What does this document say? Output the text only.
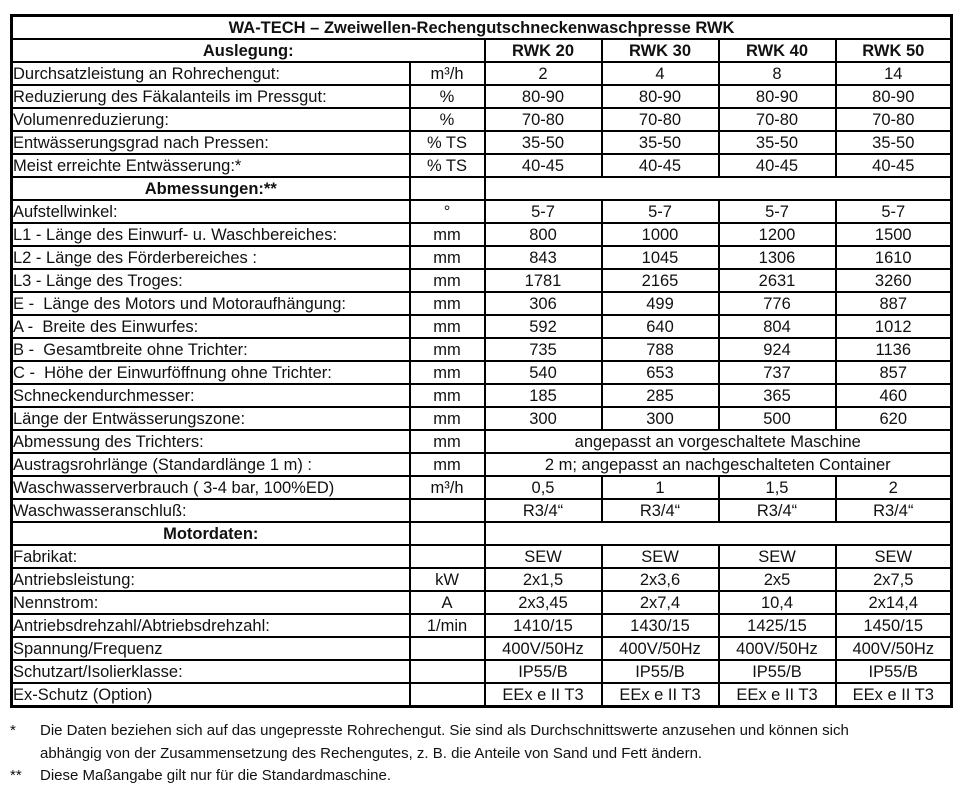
WA-TECH – Zweiwellen-Rechengutschneckenwaschpresse RWK					
Auslegung:		RWK 20	RWK 30	RWK 40	RWK 50
Durchsatzleistung an Rohrechengut:	m³/h	2	4	8	14
Reduzierung des Fäkalanteils im Pressgut:	%	80-90	80-90	80-90	80-90
Volumenreduzierung:	%	70-80	70-80	70-80	70-80
Entwässerungsgrad nach Pressen:	% TS	35-50	35-50	35-50	35-50
Meist erreichte Entwässerung:*	% TS	40-45	40-45	40-45	40-45
Abmessungen:**					
Aufstellwinkel:	°	5-7	5-7	5-7	5-7
L1 - Länge des Einwurf- u. Waschbereiches:	mm	800	1000	1200	1500
L2 - Länge des Förderbereiches :	mm	843	1045	1306	1610
L3 - Länge des Troges:	mm	1781	2165	2631	3260
E -  Länge des Motors und Motoraufhängung:	mm	306	499	776	887
A -  Breite des Einwurfes:	mm	592	640	804	1012
B -  Gesamtbreite ohne Trichter:	mm	735	788	924	1136
C -  Höhe der Einwurföffnung ohne Trichter:	mm	540	653	737	857
Schneckendurchmesser:	mm	185	285	365	460
Länge der Entwässerungszone:	mm	300	300	500	620
Abmessung des Trichters:	mm	angepasst an vorgeschaltete Maschine			
Austragsrohrlänge (Standardlänge 1 m) :	mm	2 m; angepasst an nachgeschalteten Container			
Waschwasserverbrauch ( 3-4 bar, 100%ED)	m³/h	0,5	1	1,5	2
Waschwasseranschluß:		R3/4“	R3/4“	R3/4“	R3/4“
Motordaten:					
Fabrikat:		SEW	SEW	SEW	SEW
Antriebsleistung:	kW	2x1,5	2x3,6	2x5	2x7,5
Nennstrom:	A	2x3,45	2x7,4	10,4	2x14,4
Antriebsdrehzahl/Abtriebsdrehzahl:	1/min	1410/15	1430/15	1425/15	1450/15
Spannung/Frequenz		400V/50Hz	400V/50Hz	400V/50Hz	400V/50Hz
Schutzart/Isolierklasse:		IP55/B	IP55/B	IP55/B	IP55/B
Ex-Schutz (Option)		EEx e II T3	EEx e II T3	EEx e II T3	EEx e II T3
*	Die Daten beziehen sich auf das ungepresste Rohrechengut. Sie sind als Durchschnittswerte anzusehen und können sich
abhängig von der Zusammensetzung des Rechengutes, z. B. die Anteile von Sand und Fett ändern.
**	Diese Maßangabe gilt nur für die Standardmaschine.
